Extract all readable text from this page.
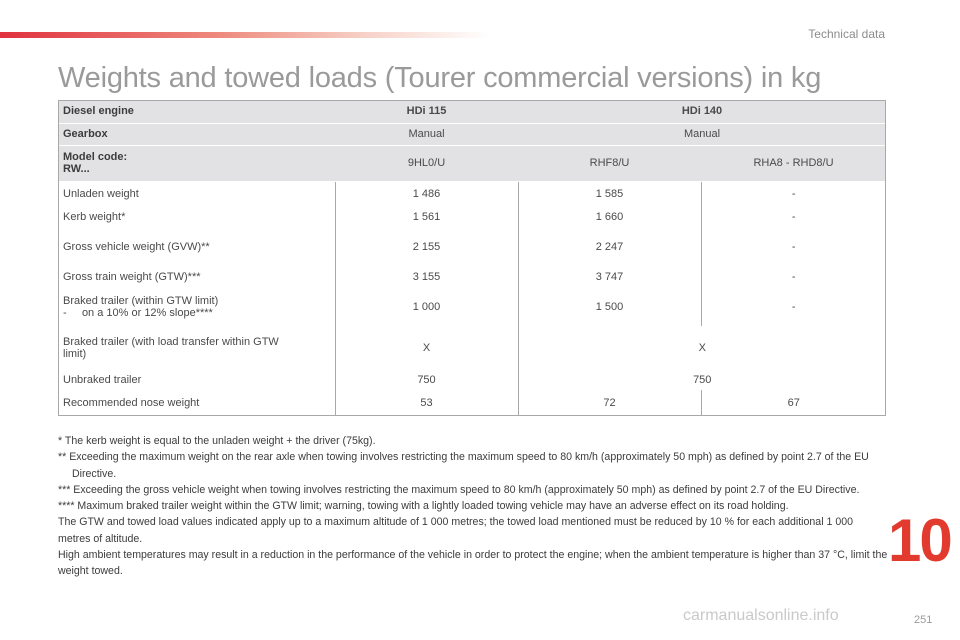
Technical data
Weights and towed loads (Tourer commercial versions) in kg
Diesel engine	HDi 115	HDi 140	
Gearbox	Manual	Manual	

Model code:
RW...	9HL0/U	RHF8/U	RHA8 - RHD8/U
Unladen weight	1 486	1 585	-
Kerb weight*	1 561	1 660	-
Gross vehicle weight (GVW)**	2 155	2 247	-
Gross train weight (GTW)***	3 155	3 747	-

Braked trailer (within GTW limit)
-     on a 10% or 12% slope****	1 000	1 500	-

Braked trailer (with load transfer within GTW
limit)	X	X	
Unbraked trailer	750	750	
Recommended nose weight	53	72	67

* The kerb weight is equal to the unladen weight + the driver (75kg).

** Exceeding the maximum weight on the rear axle when towing involves restricting the maximum speed to 80 km/h (approximately 50 mph) as defined by point 2.7 of the EU Directive.

*** Exceeding the gross vehicle weight when towing involves restricting the maximum speed to 80 km/h (approximately 50 mph) as defined by point 2.7 of the EU Directive.

**** Maximum braked trailer weight within the GTW limit; warning, towing with a lightly loaded towing vehicle may have an adverse effect on its road holding.

The GTW and towed load values indicated apply up to a maximum altitude of 1 000 metres; the towed load mentioned must be reduced by 10 % for each additional 1 000 metres of altitude.

High ambient temperatures may result in a reduction in the performance of the vehicle in order to protect the engine; when the ambient temperature is higher than 37 °C, limit the weight towed.	10
251
carmanualsonline.info
